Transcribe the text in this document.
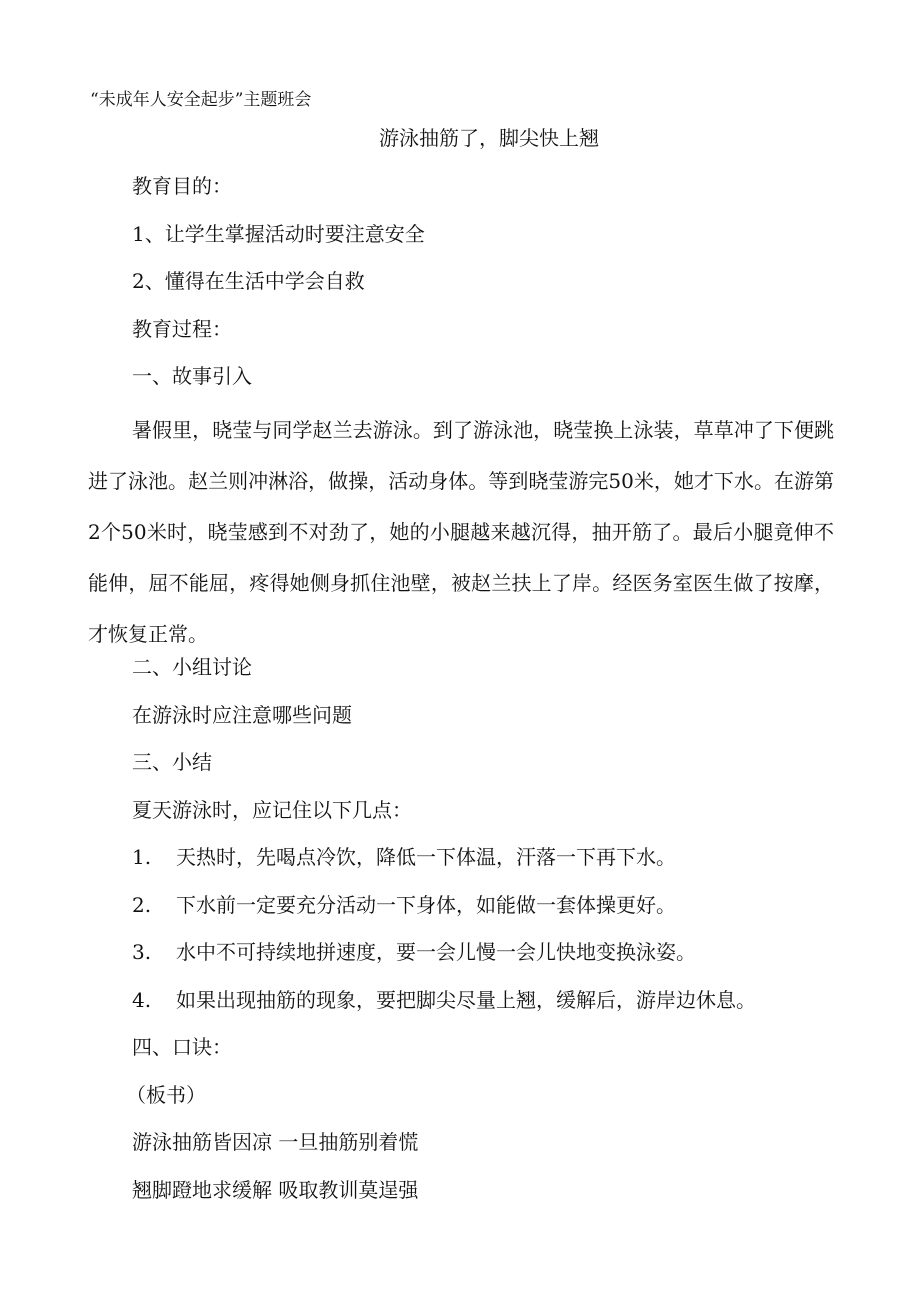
“未成年人安全起步”主题班会
游泳抽筋了，脚尖快上翘
教育目的：
1、让学生掌握活动时要注意安全
2、懂得在生活中学会自救
教育过程：
一、故事引入
暑假里，晓莹与同学赵兰去游泳。到了游泳池，晓莹换上泳装，草草冲了下便跳进了泳池。赵兰则冲淋浴，做操，活动身体。等到晓莹游完50米，她才下水。在游第2个50米时，晓莹感到不对劲了，她的小腿越来越沉得，抽开筋了。最后小腿竟伸不能伸，屈不能屈，疼得她侧身抓住池壁，被赵兰扶上了岸。经医务室医生做了按摩，才恢复正常。
二、小组讨论
在游泳时应注意哪些问题
三、小结
夏天游泳时，应记住以下几点：
1. 天热时，先喝点冷饮，降低一下体温，汗落一下再下水。
2. 下水前一定要充分活动一下身体，如能做一套体操更好。
3. 水中不可持续地拼速度，要一会儿慢一会儿快地变换泳姿。
4. 如果出现抽筋的现象，要把脚尖尽量上翘，缓解后，游岸边休息。
四、口诀：
（板书）
游泳抽筋皆因凉 一旦抽筋别着慌
翘脚蹬地求缓解 吸取教训莫逞强
